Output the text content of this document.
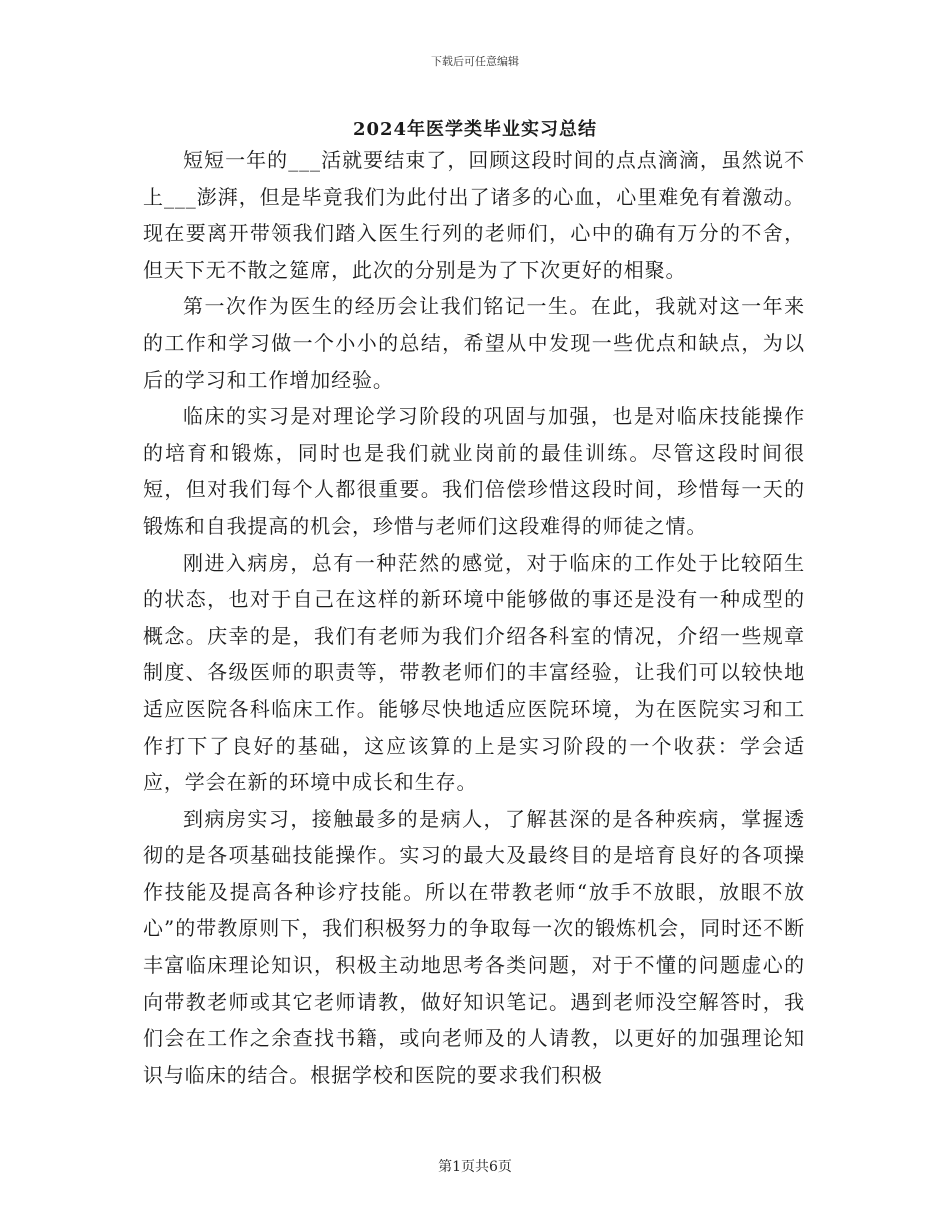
下载后可任意编辑
2024年医学类毕业实习总结

短短一年的___活就要结束了，回顾这段时间的点点滴滴，虽然说不上___澎湃，但是毕竟我们为此付出了诸多的心血，心里难免有着激动。现在要离开带领我们踏入医生行列的老师们，心中的确有万分的不舍，但天下无不散之筵席，此次的分别是为了下次更好的相聚。

第一次作为医生的经历会让我们铭记一生。在此，我就对这一年来的工作和学习做一个小小的总结，希望从中发现一些优点和缺点，为以后的学习和工作增加经验。

临床的实习是对理论学习阶段的巩固与加强，也是对临床技能操作的培育和锻炼，同时也是我们就业岗前的最佳训练。尽管这段时间很短，但对我们每个人都很重要。我们倍偿珍惜这段时间，珍惜每一天的锻炼和自我提高的机会，珍惜与老师们这段难得的师徒之情。

刚进入病房，总有一种茫然的感觉，对于临床的工作处于比较陌生的状态，也对于自己在这样的新环境中能够做的事还是没有一种成型的概念。庆幸的是，我们有老师为我们介绍各科室的情况，介绍一些规章制度、各级医师的职责等，带教老师们的丰富经验，让我们可以较快地适应医院各科临床工作。能够尽快地适应医院环境，为在医院实习和工作打下了良好的基础，这应该算的上是实习阶段的一个收获：学会适应，学会在新的环境中成长和生存。

到病房实习，接触最多的是病人，了解甚深的是各种疾病，掌握透彻的是各项基础技能操作。实习的最大及最终目的是培育良好的各项操作技能及提高各种诊疗技能。所以在带教老师“放手不放眼，放眼不放心”的带教原则下，我们积极努力的争取每一次的锻炼机会，同时还不断丰富临床理论知识，积极主动地思考各类问题，对于不懂的问题虚心的向带教老师或其它老师请教，做好知识笔记。遇到老师没空解答时，我们会在工作之余查找书籍，或向老师及的人请教，以更好的加强理论知识与临床的结合。根据学校和医院的要求我们积极

第1页共6页
